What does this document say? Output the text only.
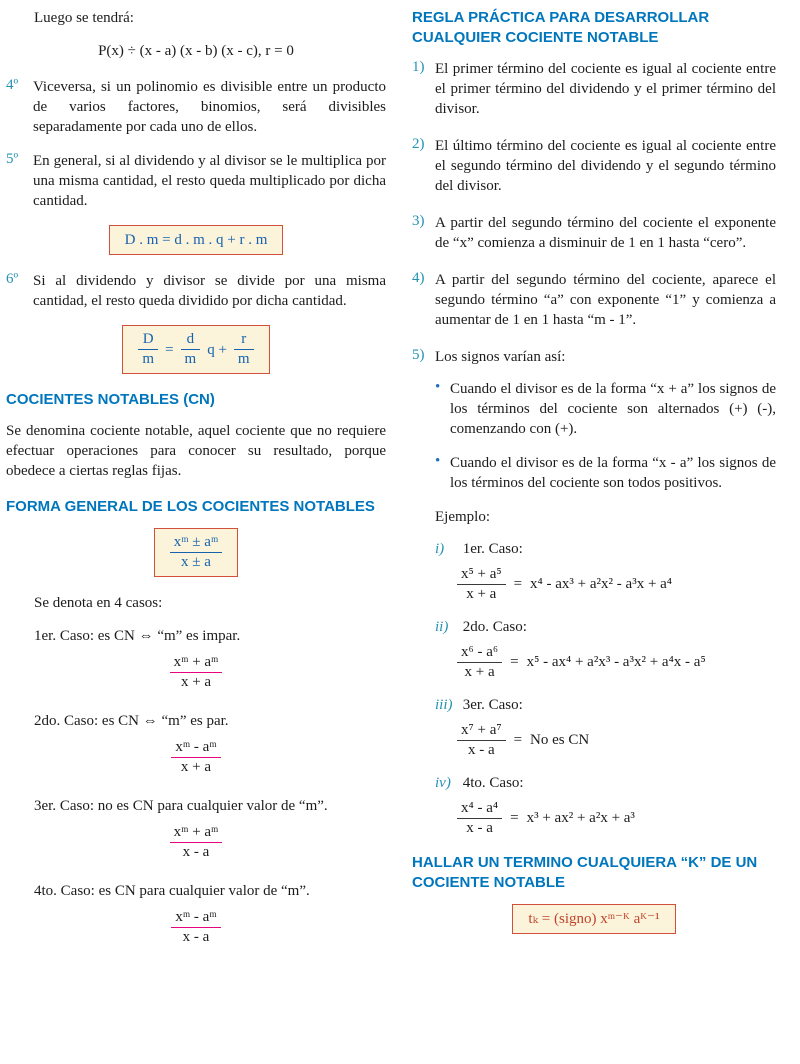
Luego se tendrá:

P(x) ÷ (x - a) (x - b) (x - c), r = 0

4º Viceversa, si un polinomio es divisible entre un producto de varios factores, binomios, será divisibles separadamente por cada uno de ellos.

5º En general, si al dividendo y al divisor se le multiplica por una misma cantidad, el resto queda multiplicado por dicha cantidad.

D . m = d . m . q + r . m
6º Si al dividendo y divisor se divide por una misma cantidad, el resto queda dividido por dicha cantidad.

$\frac{D}{m} = \frac{d}{m}$ $q + \frac{r}{m}$
COCIENTES NOTABLES (CN)

Se denomina cociente notable, aquel cociente que no requiere efectuar operaciones para conocer su resultado, porque obedece a ciertas reglas fijas.

FORMA GENERAL DE LOS COCIENTES NOTABLES
$\frac{\text{xᵐ ± aᵐ}}{x \pm a}$

Se denota en 4 casos:

1er. Caso: es CN ⇔ “m” es impar.

$\frac{\text{xᵐ + aᵐ}}{x + a}$

2do. Caso: es CN ⇔ “m” es par.

$\frac{\text{xᵐ - aᵐ}}{x + a}$

3er. Caso: no es CN para cualquier valor de “m”.

$\frac{\text{xᵐ + aᵐ}}{x - a}$

4to. Caso: es CN para cualquier valor de “m”.

$\frac{\text{xᵐ - aᵐ}}{x - a}$
REGLA PRÁCTICA PARA DESARROLLAR CUALQUIER COCIENTE NOTABLE
1) El primer término del cociente es igual al cociente entre el primer término del dividendo y el primer término del divisor.

2) El último término del cociente es igual al cociente entre el segundo término del dividendo y el segundo término del divisor.

3) A partir del segundo término del cociente el exponente de “x” comienza a disminuir de 1 en 1 hasta “cero”.

4) A partir del segundo término del cociente, aparece el segundo término “a” con exponente “1” y comienza a aumentar de 1 en 1 hasta “m - 1”.

5) Los signos varían así:

• Cuando el divisor es de la forma “x + a” los signos de los términos del cociente son alternados (+) (-), comenzando con (+).

• Cuando el divisor es de la forma “x - a” los signos de los términos del cociente son todos positivos.

Ejemplo:

i) 1er. Caso:

$\frac{\text{x⁵ + a⁵}}{x + a} = x^4 - ax^3 + a^2x^2 - a^3x + a^4$

ii) 2do. Caso:

$\frac{\text{x⁶ - a⁶}}{x + a} = x^5 - ax^4 + a^2x^3 - a^3x^2 + a^4x - a^5$

iii) 3er. Caso:

$\frac{\text{x⁷ + a⁷}}{x - a} = No$ es CN

iv) 4to. Caso:

$\frac{\text{x⁴ - a⁴}}{x - a} = x^3 + ax^2 + a^2x + a^3$
HALLAR UN TERMINO CUALQUIERA “K” DE UN COCIENTE NOTABLE
tₖ = (signo) xᵐ⁻ᴷ aᴷ⁻¹
